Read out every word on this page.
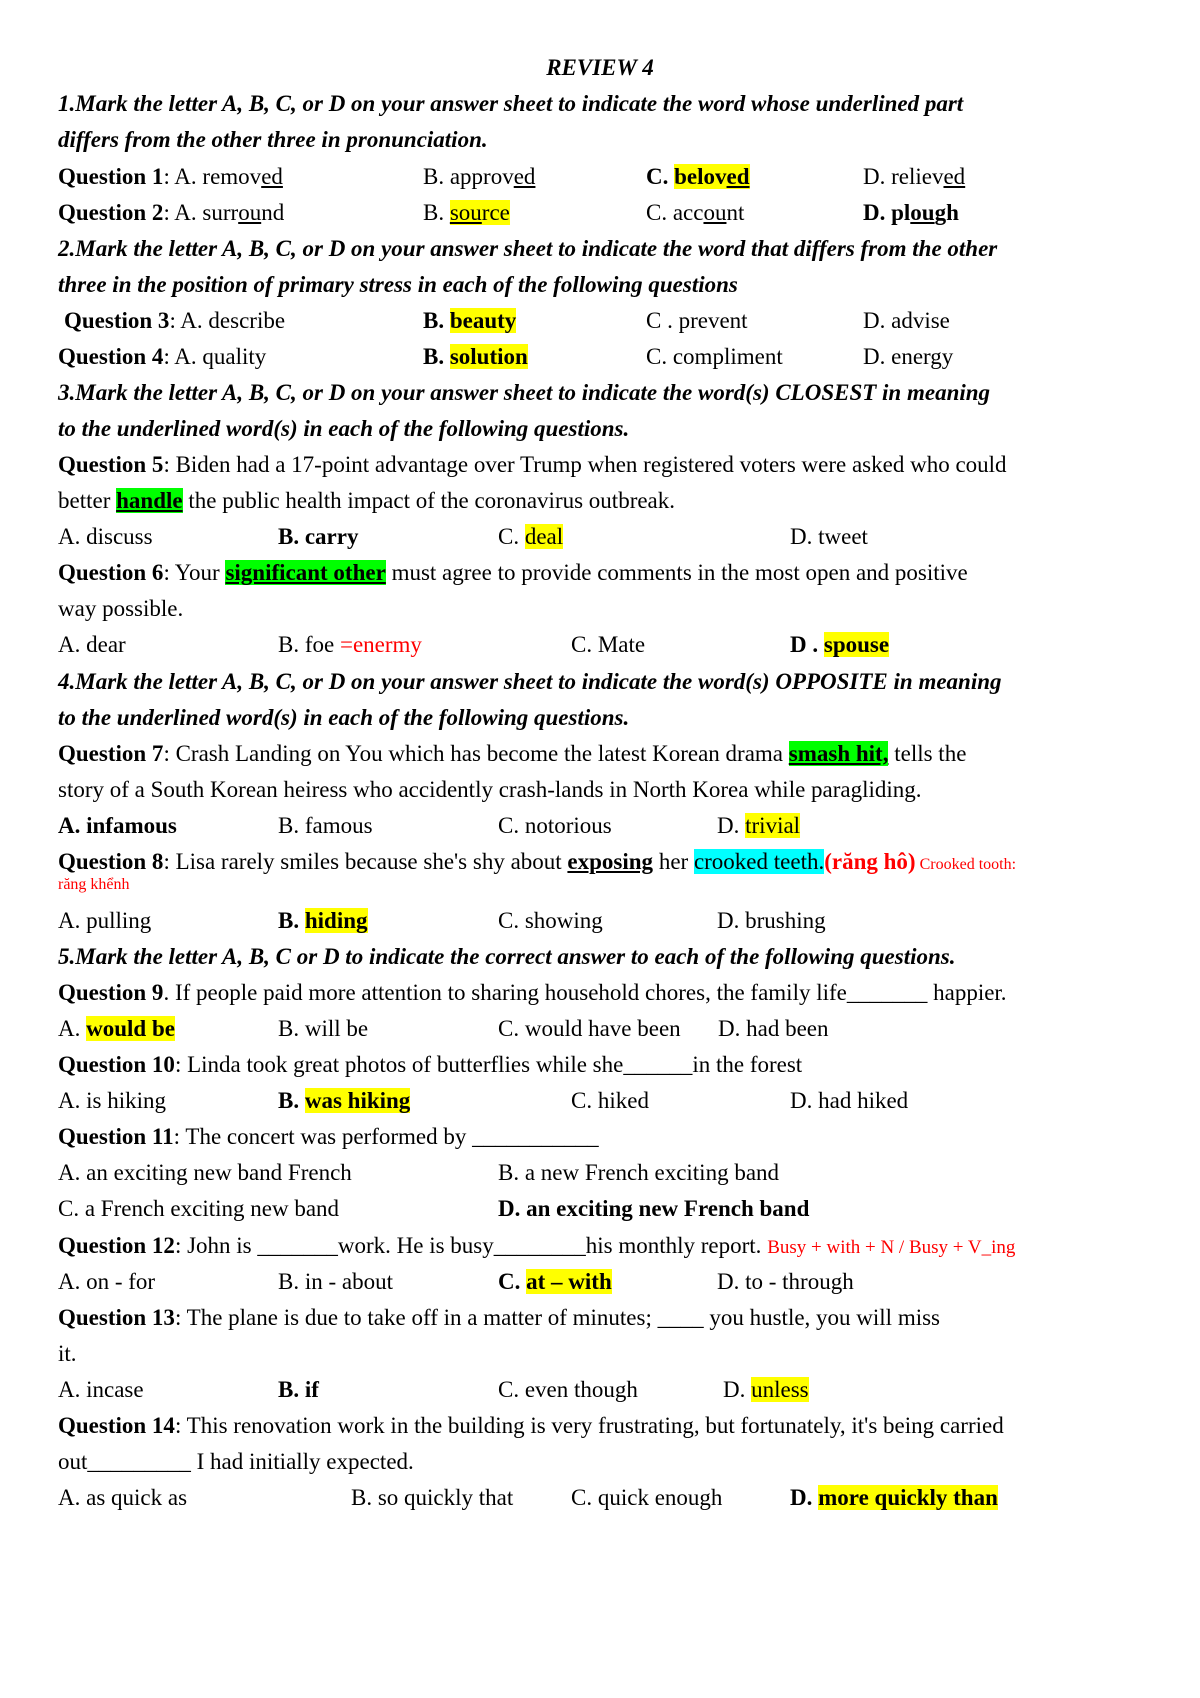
REVIEW 4
1.Mark the letter A, B, C, or D on your answer sheet to indicate the word whose underlined part
differs from the other three in pronunciation.
Question 1: A. removed	B. approved	C. beloved	D. relieved
Question 2: A. surround	B. source	C. account	D. plough
2.Mark the letter A, B, C, or D on your answer sheet to indicate the word that differs from the other
three in the position of primary stress in each of the following questions
Question 3: A. describe	B. beauty	C . prevent	D. advise
Question 4: A. quality	B. solution	C. compliment	D. energy
3.Mark the letter A, B, C, or D on your answer sheet to indicate the word(s) CLOSEST in meaning
to the underlined word(s) in each of the following questions.
Question 5: Biden had a 17-point advantage over Trump when registered voters were asked who could
better handle the public health impact of the coronavirus outbreak.
A. discuss	B. carry	C. deal	D. tweet
Question 6: Your significant other must agree to provide comments in the most open and positive
way possible.
A. dear	B. foe =enermy	C. Mate	D . spouse
4.Mark the letter A, B, C, or D on your answer sheet to indicate the word(s) OPPOSITE in meaning
to the underlined word(s) in each of the following questions.
Question 7: Crash Landing on You which has become the latest Korean drama smash hit, tells the
story of a South Korean heiress who accidently crash-lands in North Korea while paragliding.
A. infamous	B. famous	C. notorious	D. trivial
Question 8: Lisa rarely smiles because she's shy about exposing her crooked teeth.(răng hô) Crooked tooth:
răng khểnh
A. pulling	B. hiding	C. showing	D. brushing
5.Mark the letter A, B, C or D to indicate the correct answer to each of the following questions.
Question 9. If people paid more attention to sharing household chores, the family life_______ happier.
A. would be	B. will be	C. would have been D. had been
Question 10: Linda took great photos of butterflies while she______in the forest
A. is hiking	B. was hiking	C. hiked	D. had hiked
Question 11: The concert was performed by ___________
A. an exciting new band French	B. a new French exciting band
C. a French exciting new band	D. an exciting new French band
Question 12: John is _______work. He is busy________his monthly report. Busy + with + N / Busy + V_ing
A. on - for	B. in - about	C. at – with	D. to - through
Question 13: The plane is due to take off in a matter of minutes; ____ you hustle, you will miss
it.
A. incase	B. if	C. even though	D. unless
Question 14: This renovation work in the building is very frustrating, but fortunately, it's being carried
out_________ I had initially expected.
A. as quick as	B. so quickly that	C. quick enough	D. more quickly than
